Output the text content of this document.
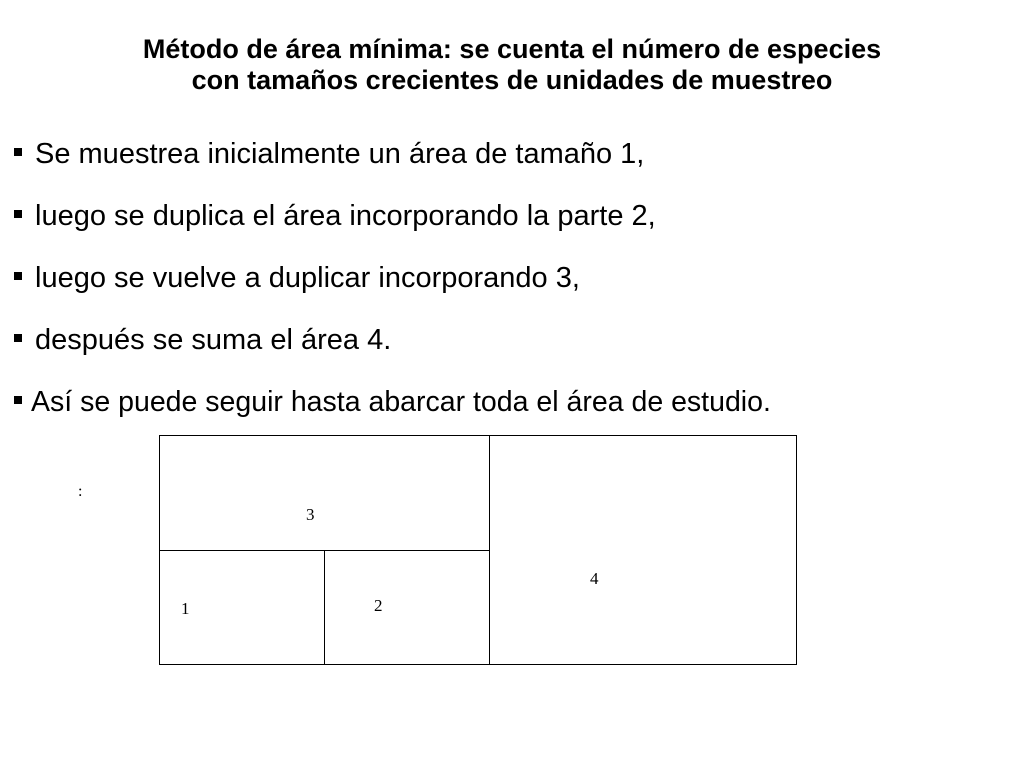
Método de área mínima: se cuenta el número de especies
con tamaños crecientes de unidades de muestreo
Se muestrea inicialmente un área de tamaño 1,
luego se duplica el área incorporando la parte 2,
luego se vuelve a duplicar incorporando 3,
después se suma el área 4.
Así se puede seguir hasta abarcar toda el área de estudio.
:
1	2
3
4
